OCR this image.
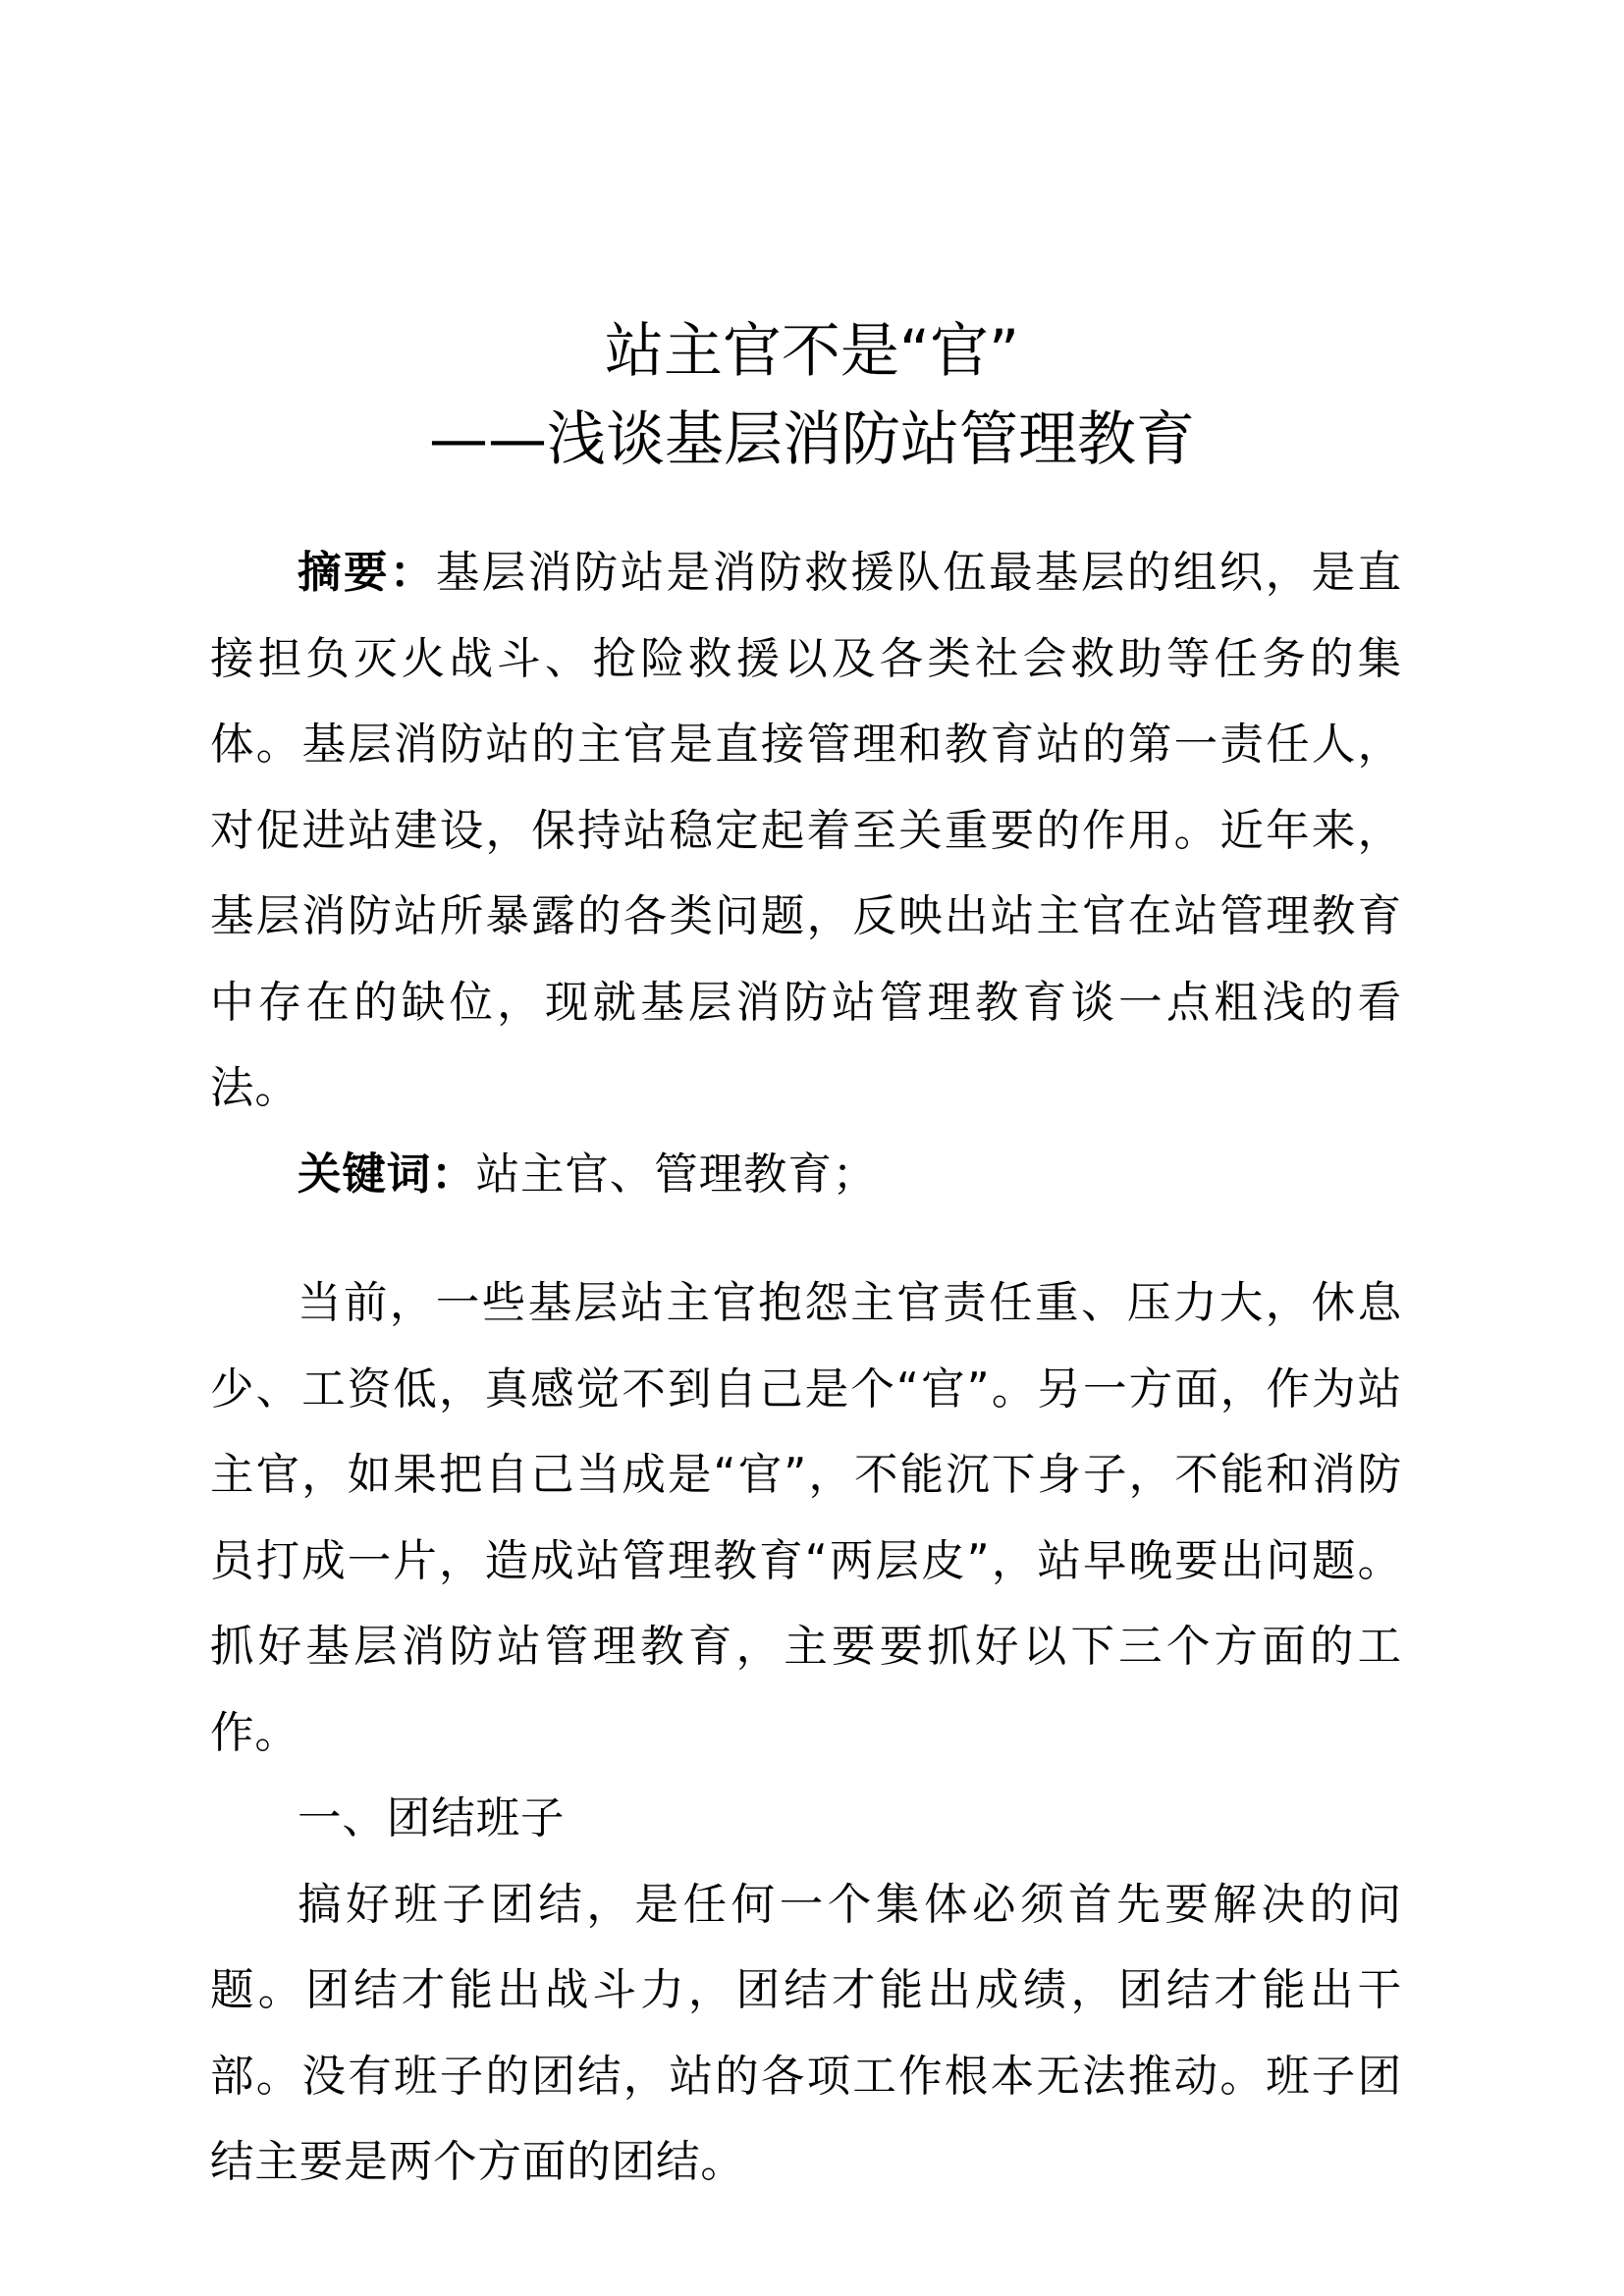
站主官不是“官”
——浅谈基层消防站管理教育

摘要：基层消防站是消防救援队伍最基层的组织，是直接担负灭火战斗、抢险救援以及各类社会救助等任务的集体。基层消防站的主官是直接管理和教育站的第一责任人，对促进站建设，保持站稳定起着至关重要的作用。近年来，基层消防站所暴露的各类问题，反映出站主官在站管理教育中存在的缺位，现就基层消防站管理教育谈一点粗浅的看法。

关键词：站主官、管理教育；

当前，一些基层站主官抱怨主官责任重、压力大，休息少、工资低，真感觉不到自己是个“官”。另一方面，作为站主官，如果把自己当成是“官”，不能沉下身子，不能和消防员打成一片，造成站管理教育“两层皮”，站早晚要出问题。抓好基层消防站管理教育，主要要抓好以下三个方面的工作。

一、团结班子

搞好班子团结，是任何一个集体必须首先要解决的问题。团结才能出战斗力，团结才能出成绩，团结才能出干部。没有班子的团结，站的各项工作根本无法推动。班子团结主要是两个方面的团结。
